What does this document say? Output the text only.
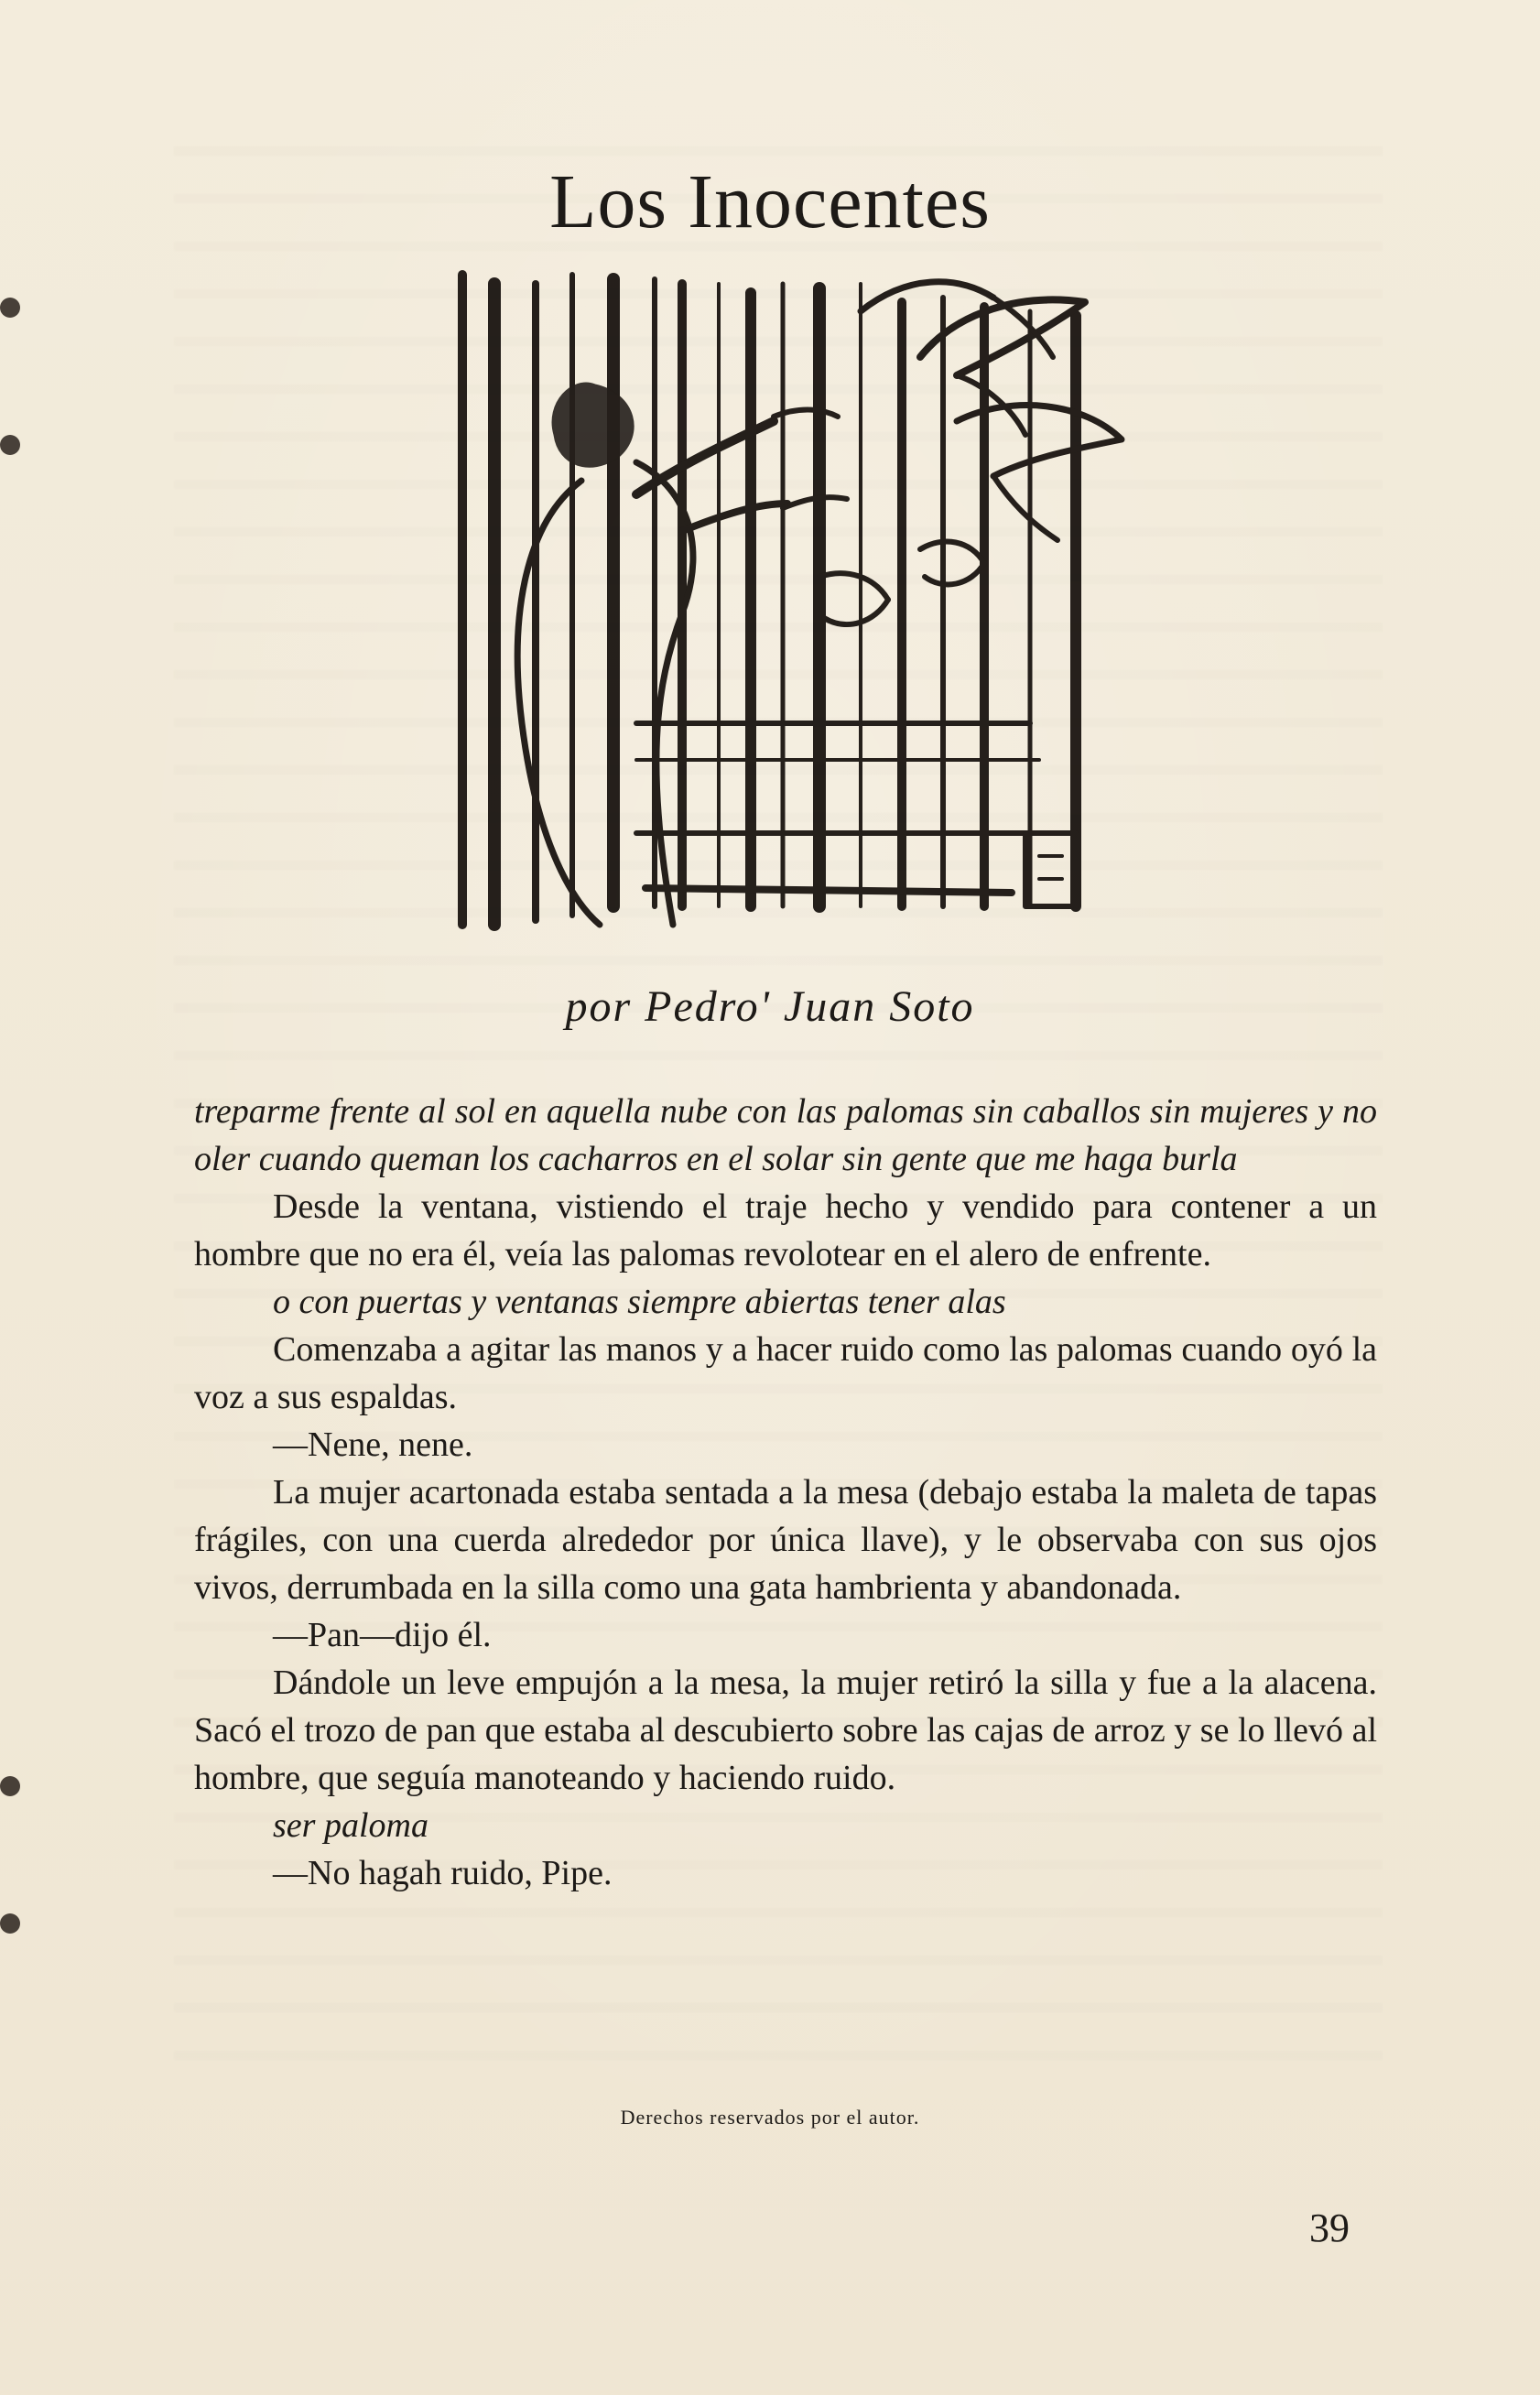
Los Inocentes
por Pedro' Juan Soto

treparme frente al sol en aquella nube con las palomas sin caballos sin mujeres y no oler cuando queman los cacharros en el solar sin gente que me haga burla

Desde la ventana, vistiendo el traje hecho y vendido para contener a un hombre que no era él, veía las palomas revolotear en el alero de enfrente.

o con puertas y ventanas siempre abiertas tener alas

Comenzaba a agitar las manos y a hacer ruido como las palomas cuando oyó la voz a sus espaldas.

—Nene, nene.

La mujer acartonada estaba sentada a la mesa (debajo estaba la maleta de tapas frágiles, con una cuerda alrededor por única llave), y le observaba con sus ojos vivos, derrumbada en la silla como una gata hambrienta y abandonada.

—Pan—dijo él.

Dándole un leve empujón a la mesa, la mujer retiró la silla y fue a la alacena. Sacó el trozo de pan que estaba al descubierto sobre las cajas de arroz y se lo llevó al hombre, que seguía manoteando y haciendo ruido.

ser paloma

—No hagah ruido, Pipe.

Derechos reservados por el autor.
39
